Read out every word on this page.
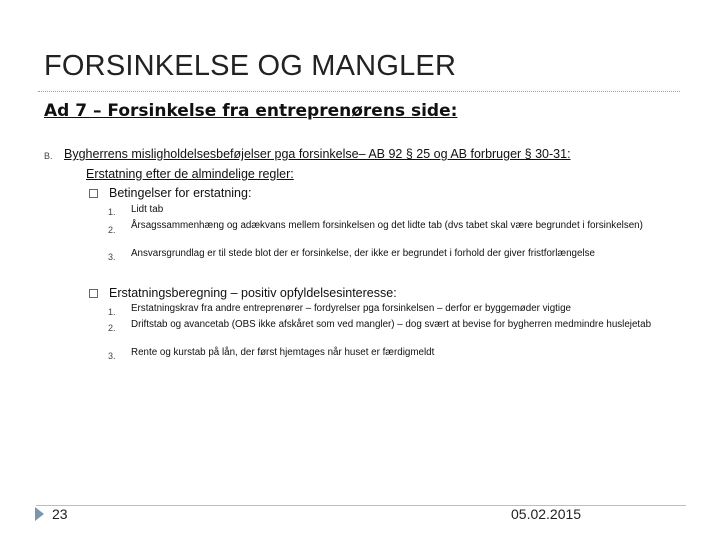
FORSINKELSE OG MANGLER
Ad 7 – Forsinkelse fra entreprenørens side:
B. Bygherrens misligholdelsesbeføjelser pga forsinkelse– AB 92 § 25 og AB forbruger § 30-31:
Erstatning efter de almindelige regler:
Betingelser for erstatning:
1. Lidt tab
2. Årsagssammenhæng og adækvans mellem forsinkelsen og det lidte tab (dvs tabet skal være begrundet i forsinkelsen)
3. Ansvarsgrundlag er til stede blot der er forsinkelse, der ikke er begrundet i forhold der giver fristforlængelse
Erstatningsberegning – positiv opfyldelsesinteresse:
1. Erstatningskrav fra andre entreprenører – fordyrelser pga forsinkelsen – derfor er byggemøder vigtige
2. Driftstab og avancetab (OBS ikke afskåret som ved mangler) – dog svært at bevise for bygherren medmindre huslejetab
3. Rente og kurstab på lån, der først hjemtages når huset er færdigmeldt
23	05.02.2015
